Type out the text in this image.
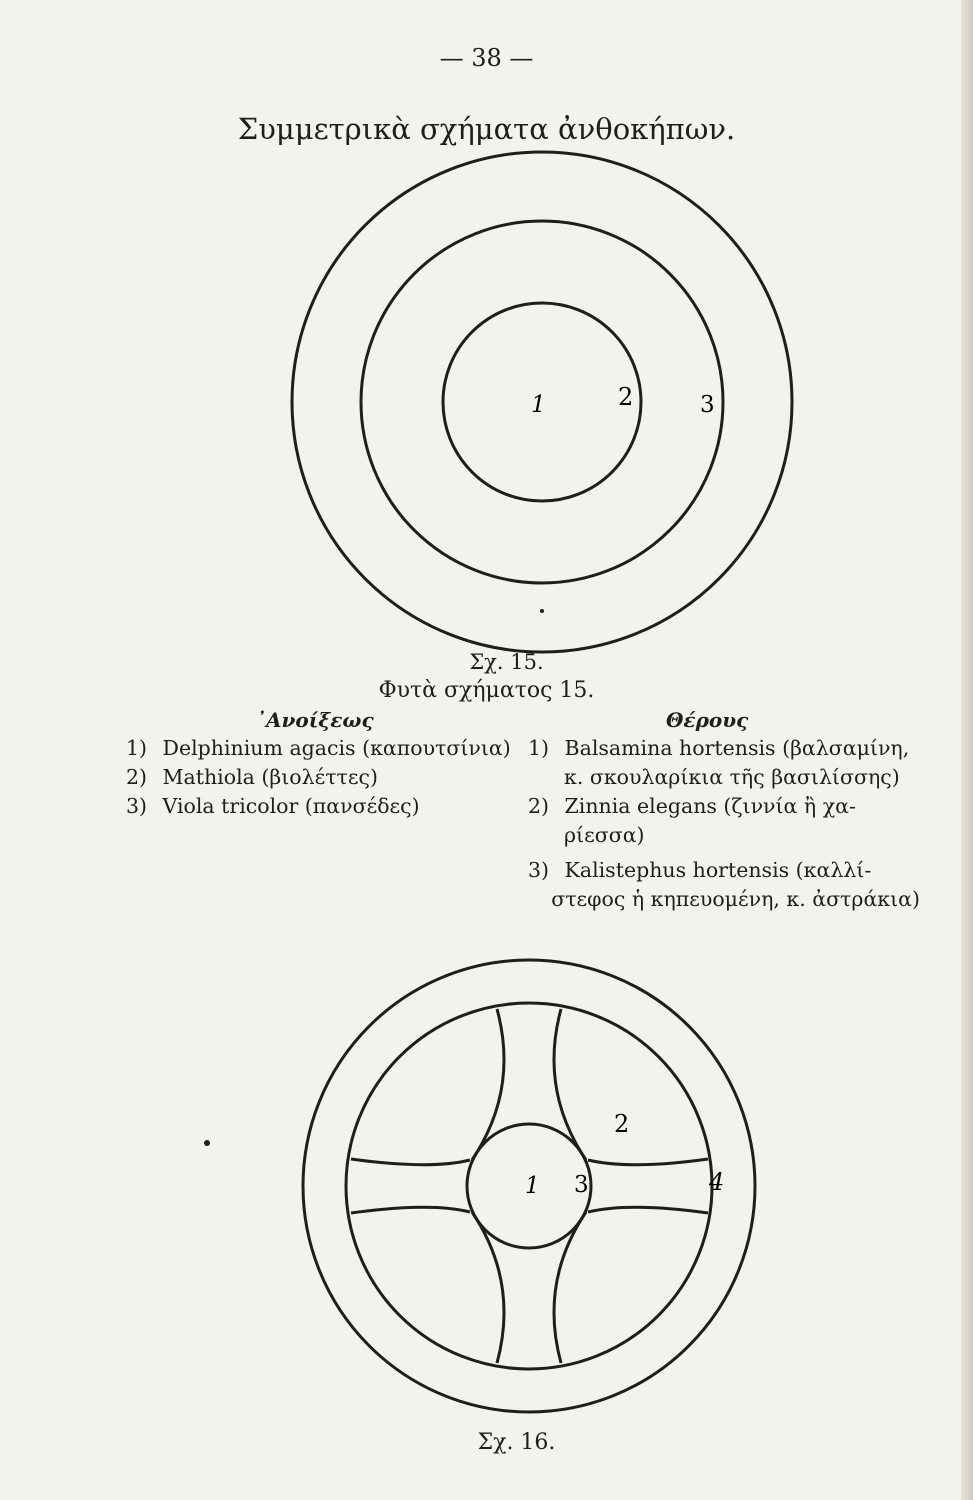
— 38 —
Συμμετρικὰ σχήματα ἀνθοκήπων.
1	2	3
Σχ. 15.
Φυτὰ σχήματος 15.
᾽Ανοίξεως
1) Delphinium agacis (καπουτσίνια)
2) Mathiola (βιολέττες)
3) Viola tricolor (πανσέδες)
Θέρους
1) Balsamina hortensis (βαλσαμίνη,
κ. σκουλαρίκια τῆς βασιλίσσης)
2) Zinnia elegans (ζιννία ἢ χα-
ρίεσσα)
3) Kalistephus hortensis (καλλί-
στεφος ἡ κηπευομένη, κ. ἀστράκια)
1
2
3	4
Σχ. 16.
